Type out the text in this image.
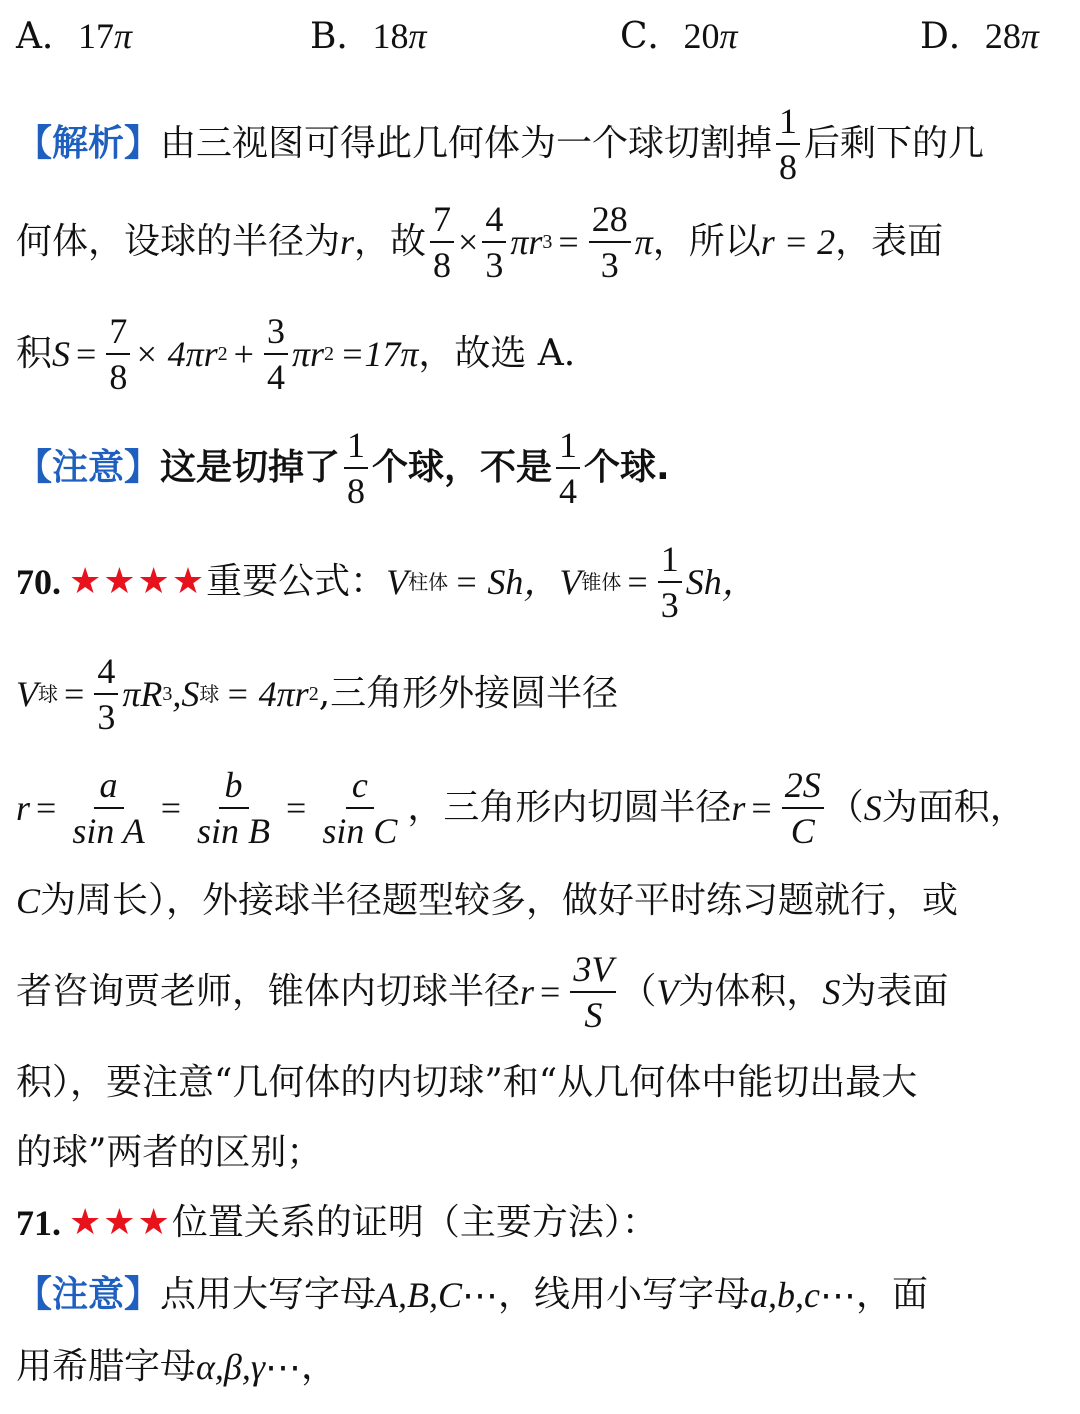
A．17π	B．18π	C．20π	D．28π
【解析】 由三视图可得此几何体为一个球切割掉 $\frac{1}{8}$ 后剩下的几
何体，设球的半径为 r ，故 $\frac{7}{8} \times \frac{4}{3}$ πr $3 = \frac{28}{3}$ π ，所以 r = 2 ，表面
积 $S = \frac{7}{8} \times 4\pi r$ $2 + \frac{3}{4}$ πr 2 =17π ，故选 A.
【注意】 这是切掉了 $\frac{1}{8}$ 个球，不是 $\frac{1}{4}$ 个球.
70. ★★★★ 重要公式： V 柱体 = Sh， V 锥体 = $\frac{1}{3}$ Sh，
V 球 = $\frac{4}{3}$ πR 3 ,S 球 = 4πr 2 ,三角形外接圆半径
$r = \frac{a}{\text{sin A}} = \frac{b}{\text{sin B}} = \frac{c}{\text{sin C}}$ ，三角形内切圆半径 $r = \frac{2S}{C}$ （ S 为面积，
C 为周长），外接球半径题型较多，做好平时练习题就行，或
者咨询贾老师，锥体内切球半径 $r = \frac{3V}{S}$ （ V 为体积， S 为表面
积），要注意“几何体的内切球”和“从几何体中能切出最大
的球”两者的区别；
71. ★★★ 位置关系的证明（主要方法）：
【注意】 点用大写字母 A,B,C ⋯ ，线用小写字母 a,b,c ⋯ ，面
用希腊字母 α,β,γ ⋯ ，
